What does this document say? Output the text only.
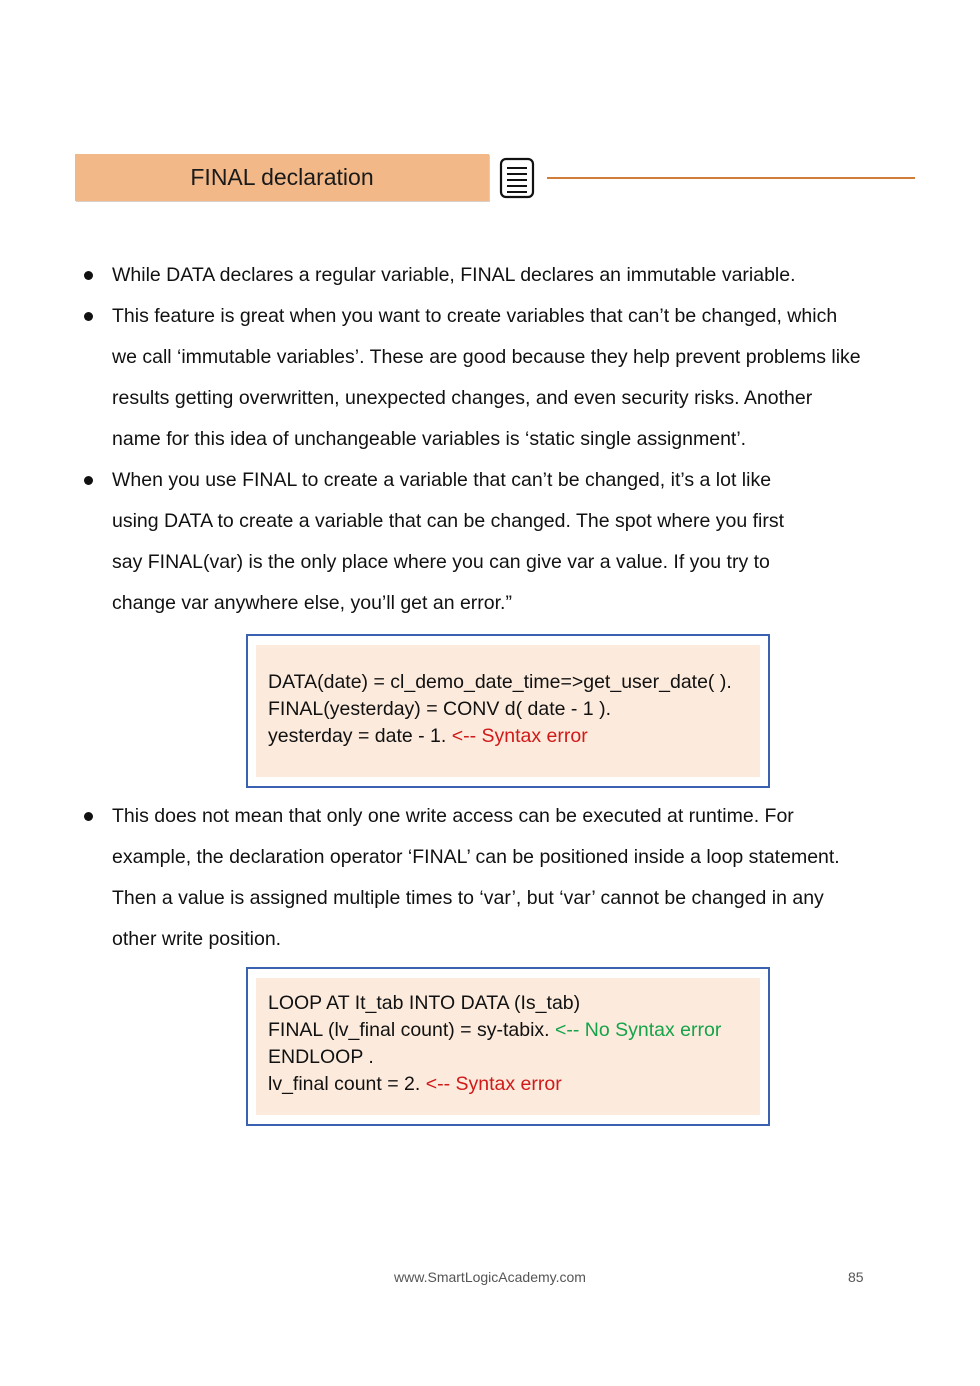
FINAL declaration
While DATA declares a regular variable, FINAL declares an immutable variable.
This feature is great when you want to create variables that can’t be changed, which
we call ‘immutable variables’. These are good because they help prevent problems like
results getting overwritten, unexpected changes, and even security risks. Another
name for this idea of unchangeable variables is ‘static single assignment’.
When you use FINAL to create a variable that can’t be changed, it’s a lot like
using DATA to create a variable that can be changed. The spot where you first
say FINAL(var) is the only place where you can give var a value. If you try to
change var anywhere else, you’ll get an error.”
DATA(date) = cl_demo_date_time=>get_user_date( ).
FINAL(yesterday) = CONV d( date - 1 ).
yesterday = date - 1. <-- Syntax error
This does not mean that only one write access can be executed at runtime. For
example, the declaration operator ‘FINAL’ can be positioned inside a loop statement.
Then a value is assigned multiple times to ‘var’, but ‘var’ cannot be changed in any
other write position.
LOOP AT It_tab INTO DATA (Is_tab)
FINAL (lv_final count) = sy-tabix. <-- No Syntax error
ENDLOOP .
lv_final count = 2. <-- Syntax error
www.SmartLogicAcademy.com	85
